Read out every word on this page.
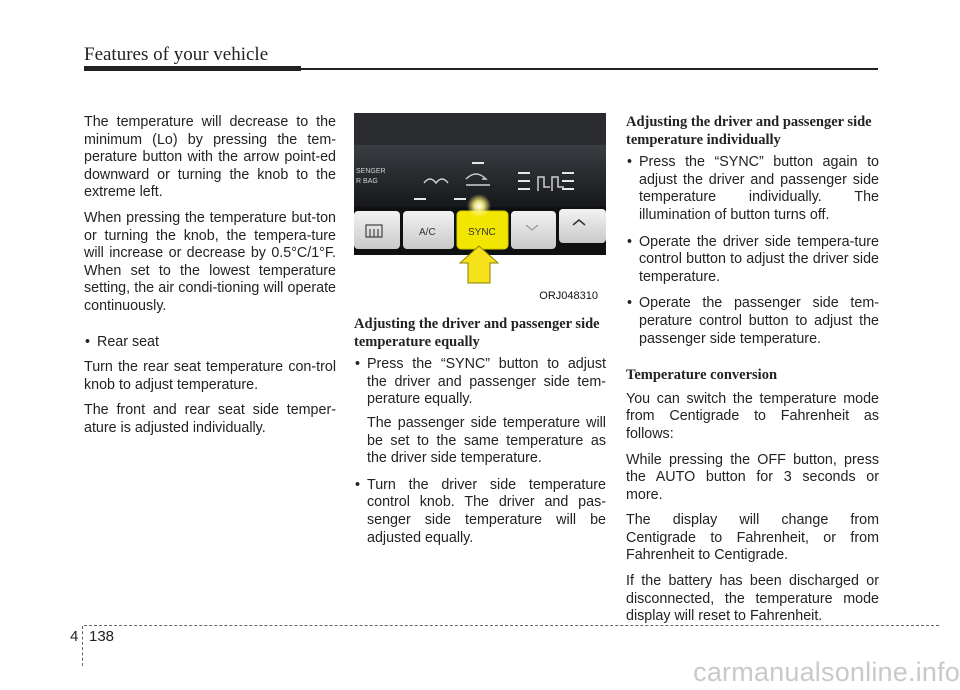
Features of your vehicle

The temperature will decrease to the minimum (Lo) by pressing the tem-perature button with the arrow point-ed downward or turning the knob to the extreme left.

When pressing the temperature but-ton or turning the knob, the tempera-ture will increase or decrease by 0.5°C/1°F. When set to the lowest temperature setting, the air condi-tioning will operate continuously.

• Rear seat

Turn the rear seat temperature con-trol knob to adjust temperature.

The front and rear seat side temper-ature is adjusted individually.

SENGER
R BAG
A/C	SYNC
ORJ048310
Adjusting the driver and passenger side temperature equally
• Press the “SYNC” button to adjust the driver and passenger side tem-perature equally.
The passenger side temperature will be set to the same temperature as the driver side temperature.
• Turn the driver side temperature control knob. The driver and pas-senger side temperature will be adjusted equally.
Adjusting the driver and passenger side temperature individually
• Press the “SYNC” button again to adjust the driver and passenger side temperature individually. The illumination of button turns off.
• Operate the driver side tempera-ture control button to adjust the driver side temperature.
• Operate the passenger side tem-perature control button to adjust the passenger side temperature.
Temperature conversion

You can switch the temperature mode from Centigrade to Fahrenheit as follows:

While pressing the OFF button, press the AUTO button for 3 seconds or more.

The display will change from Centigrade to Fahrenheit, or from Fahrenheit to Centigrade.

If the battery has been discharged or disconnected, the temperature mode display will reset to Fahrenheit.

4 138
carmanualsonline.info
